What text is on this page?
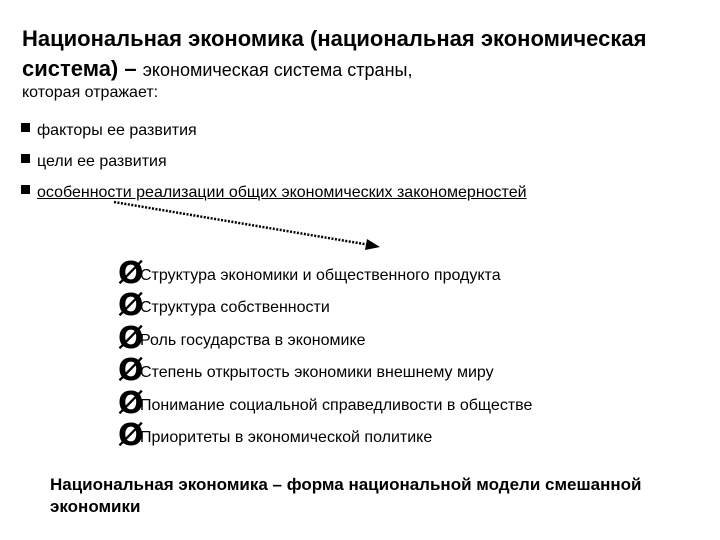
Национальная экономика (национальная экономическая система) – экономическая система страны,
которая отражает:
факторы ее развития
цели ее развития
особенности реализации общих экономических закономерностей
Ø
Структура экономики и общественного продукта
Ø
Структура собственности
Ø
Роль государства в экономике
Ø
Степень открытость экономики внешнему миру
Ø
Понимание социальной справедливости в обществе
Ø
Приоритеты в экономической политике
Национальная экономика – форма национальной модели смешанной экономики
